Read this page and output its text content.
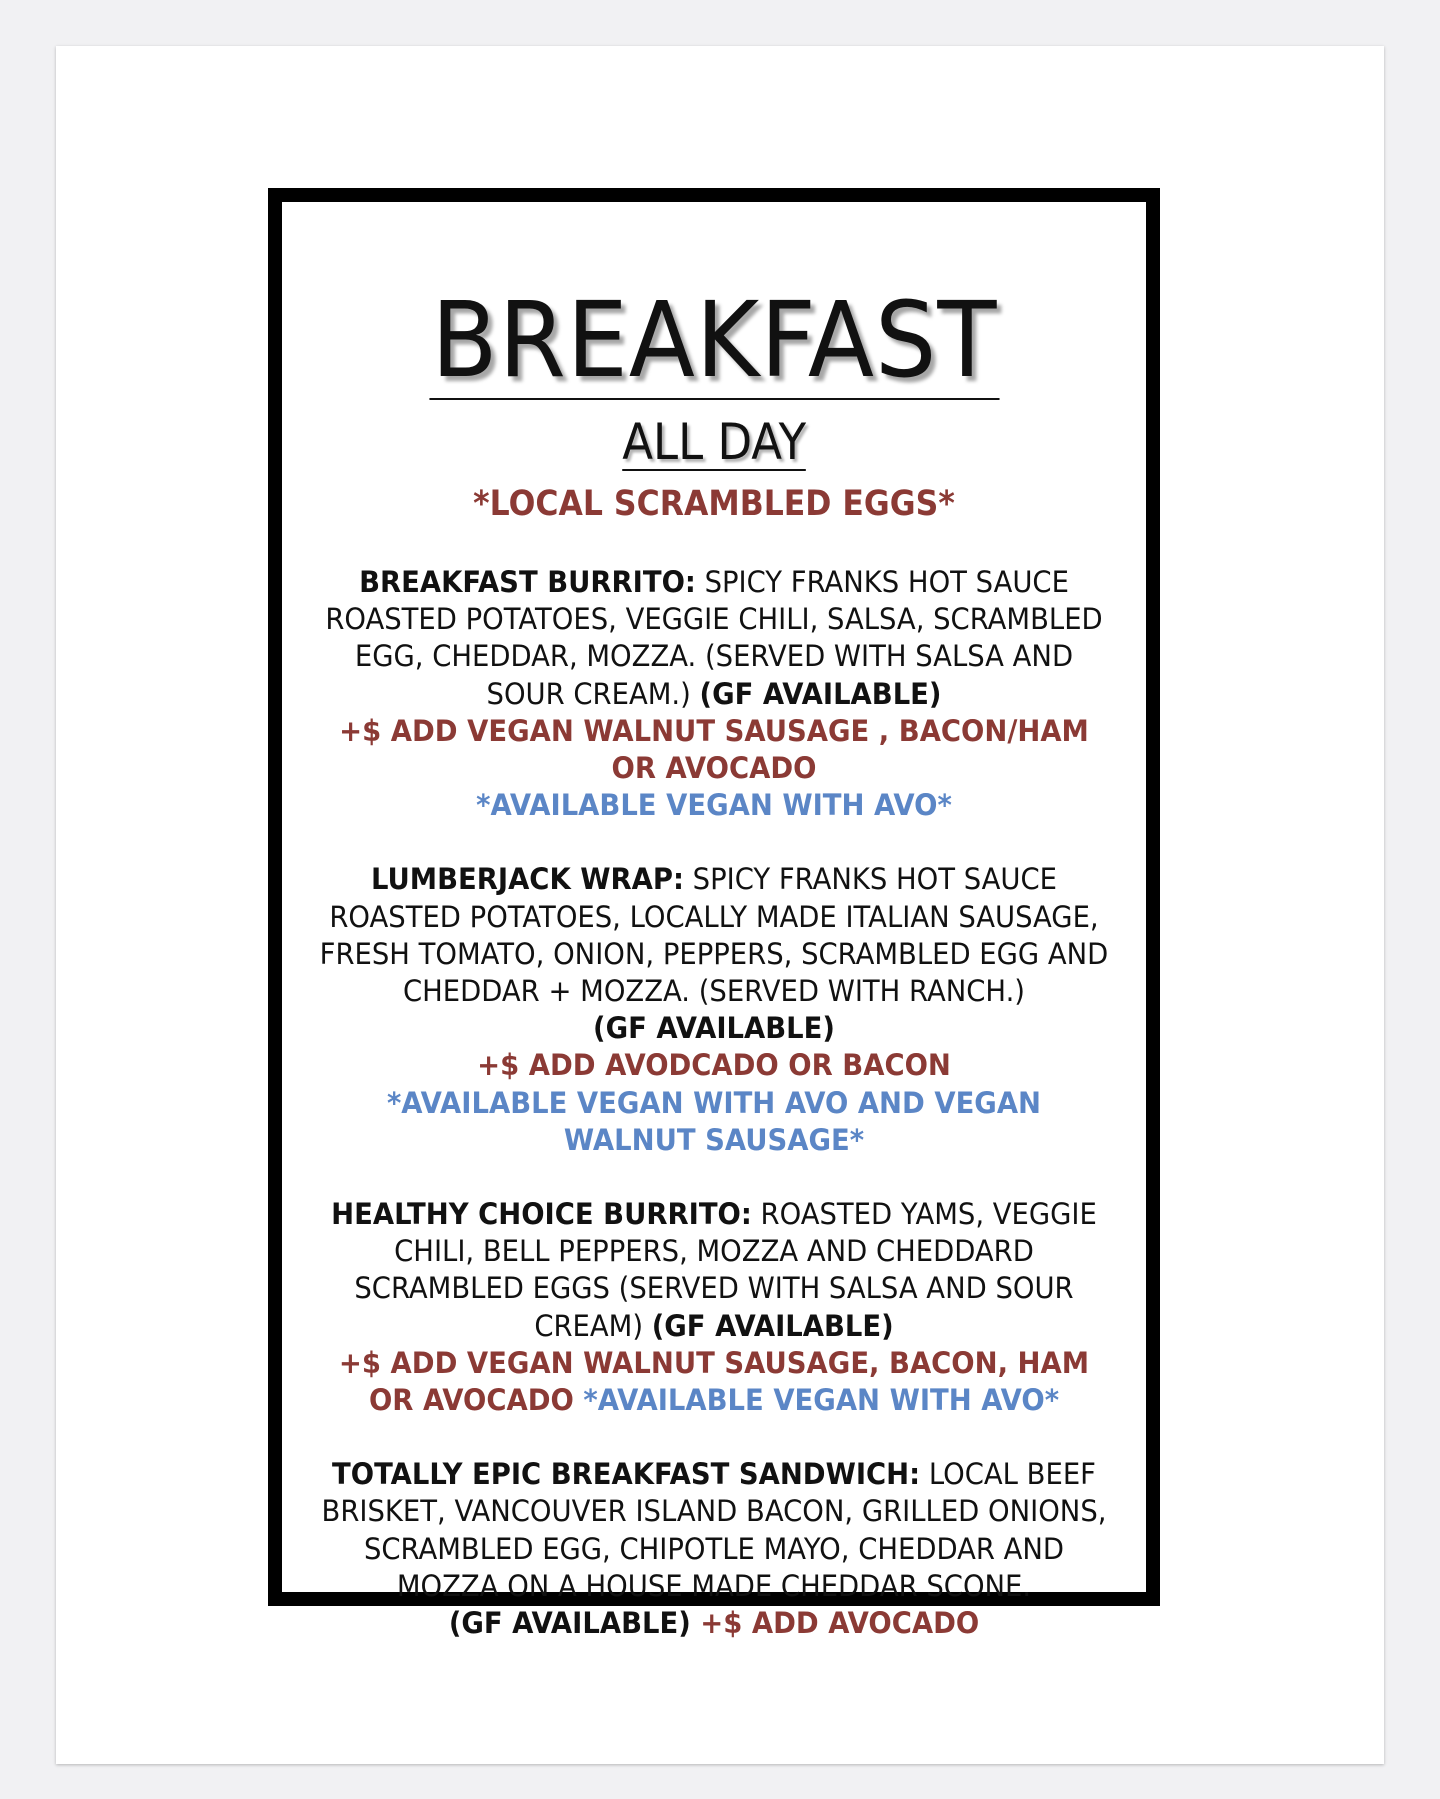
BREAKFAST
ALL DAY
*LOCAL SCRAMBLED EGGS*
BREAKFAST BURRITO: SPICY FRANKS HOT SAUCE ROASTED POTATOES, VEGGIE CHILI, SALSA, SCRAMBLED EGG, CHEDDAR, MOZZA. (SERVED WITH SALSA AND SOUR CREAM.) (GF AVAILABLE)
+$ ADD VEGAN WALNUT SAUSAGE , BACON/HAM OR AVOCADO
*AVAILABLE VEGAN WITH AVO*
LUMBERJACK WRAP: SPICY FRANKS HOT SAUCE ROASTED POTATOES, LOCALLY MADE ITALIAN SAUSAGE, FRESH TOMATO, ONION, PEPPERS, SCRAMBLED EGG AND CHEDDAR + MOZZA. (SERVED WITH RANCH.)
(GF AVAILABLE)
+$ ADD AVODCADO OR BACON
*AVAILABLE VEGAN WITH AVO AND VEGAN WALNUT SAUSAGE*
HEALTHY CHOICE BURRITO: ROASTED YAMS, VEGGIE CHILI, BELL PEPPERS, MOZZA AND CHEDDARD SCRAMBLED EGGS (SERVED WITH SALSA AND SOUR CREAM) (GF AVAILABLE)
+$ ADD VEGAN WALNUT SAUSAGE, BACON, HAM OR AVOCADO *AVAILABLE VEGAN WITH AVO*
TOTALLY EPIC BREAKFAST SANDWICH: LOCAL BEEF BRISKET, VANCOUVER ISLAND BACON, GRILLED ONIONS, SCRAMBLED EGG, CHIPOTLE MAYO, CHEDDAR AND MOZZA ON A HOUSE MADE CHEDDAR SCONE.
(GF AVAILABLE) +$ ADD AVOCADO
